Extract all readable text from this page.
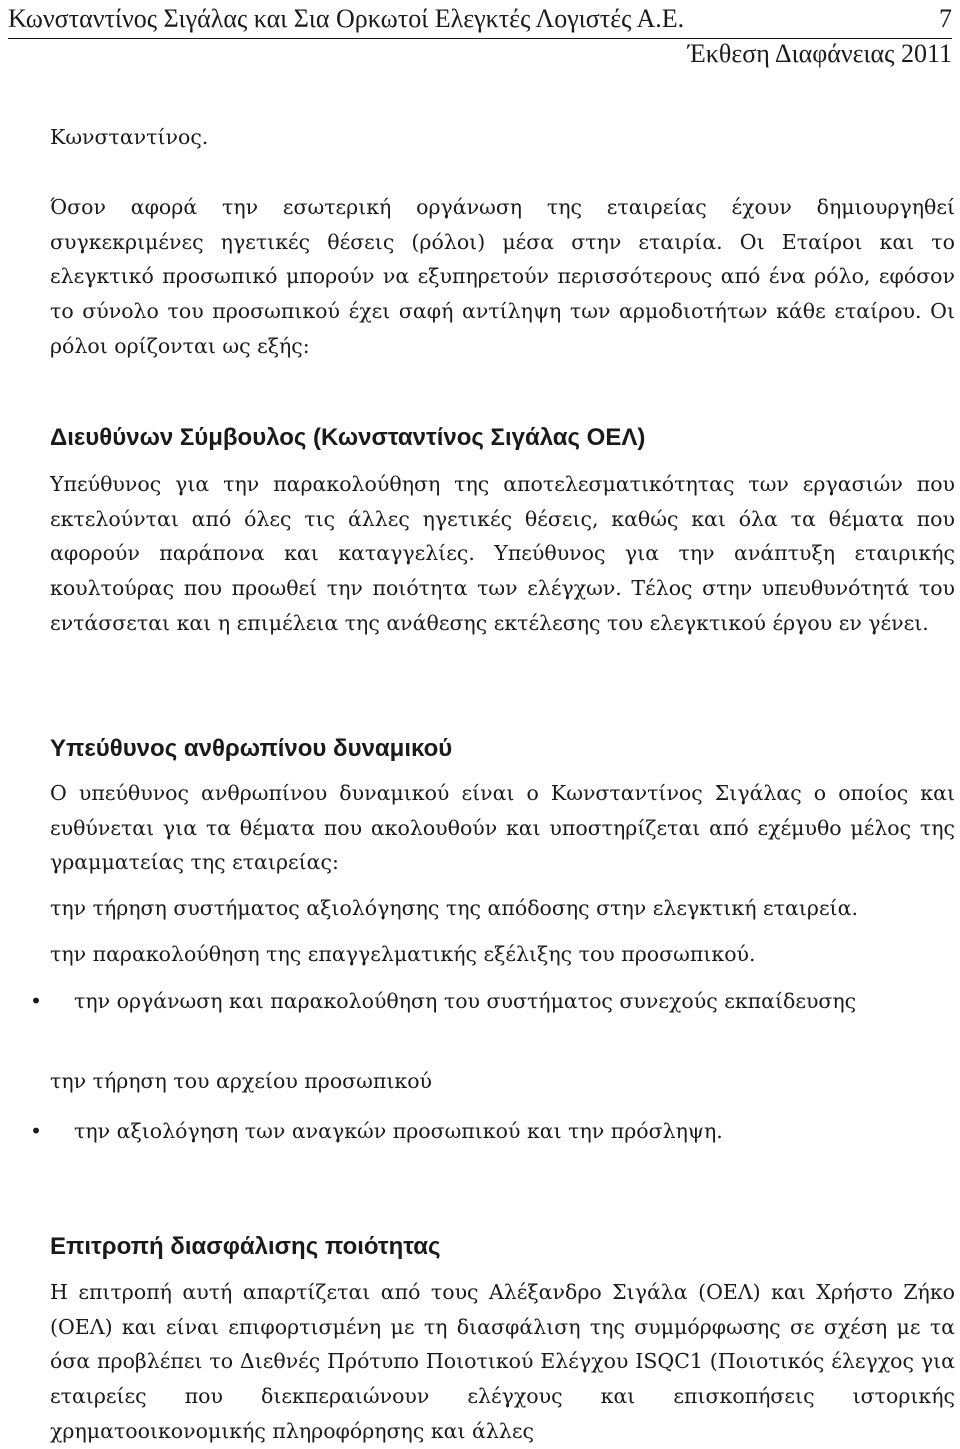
Κωνσταντίνος Σιγάλας και Σια Ορκωτοί Ελεγκτές Λογιστές Α.Ε.	7
Έκθεση Διαφάνειας 2011

Κωνσταντίνος.

Όσον αφορά την εσωτερική οργάνωση της εταιρείας έχουν δημιουργηθεί συγκεκριμένες ηγετικές θέσεις (ρόλοι) μέσα στην εταιρία. Οι Εταίροι και το ελεγκτικό προσωπικό μπορούν να εξυπηρετούν περισσότερους από ένα ρόλο, εφόσον το σύνολο του προσωπικού έχει σαφή αντίληψη των αρμοδιοτήτων κάθε εταίρου. Οι ρόλοι ορίζονται ως εξής:

Διευθύνων Σύμβουλος (Κωνσταντίνος Σιγάλας ΟΕΛ)

Υπεύθυνος για την παρακολούθηση της αποτελεσματικότητας των εργασιών που εκτελούνται από όλες τις άλλες ηγετικές θέσεις, καθώς και όλα τα θέματα που αφορούν παράπονα και καταγγελίες. Υπεύθυνος για την ανάπτυξη εταιρικής κουλτούρας που προωθεί την ποιότητα των ελέγχων. Τέλος στην υπευθυνότητά του εντάσσεται και η επιμέλεια της ανάθεσης εκτέλεσης του ελεγκτικού έργου εν γένει.

Υπεύθυνος ανθρωπίνου δυναμικού

Ο υπεύθυνος ανθρωπίνου δυναμικού είναι ο Κωνσταντίνος Σιγάλας ο οποίος και ευθύνεται για τα θέματα που ακολουθούν και υποστηρίζεται από εχέμυθο μέλος της γραμματείας της εταιρείας:

την τήρηση συστήματος αξιολόγησης της απόδοσης στην ελεγκτική εταιρεία.

την παρακολούθηση της επαγγελματικής εξέλιξης του προσωπικού.

• την οργάνωση και παρακολούθηση του συστήματος συνεχούς εκπαίδευσης

την τήρηση του αρχείου προσωπικού

• την αξιολόγηση των αναγκών προσωπικού και την πρόσληψη.

Επιτροπή διασφάλισης ποιότητας

Η επιτροπή αυτή απαρτίζεται από τους Αλέξανδρο Σιγάλα (ΟΕΛ) και Χρήστο Ζήκο (ΟΕΛ) και είναι επιφορτισμένη με τη διασφάλιση της συμμόρφωσης σε σχέση με τα όσα προβλέπει το Διεθνές Πρότυπο Ποιοτικού Ελέγχου ISQC1 (Ποιοτικός έλεγχος για εταιρείες που διεκπεραιώνουν ελέγχους και επισκοπήσεις ιστορικής χρηματοοικονομικής πληροφόρησης και άλλες
